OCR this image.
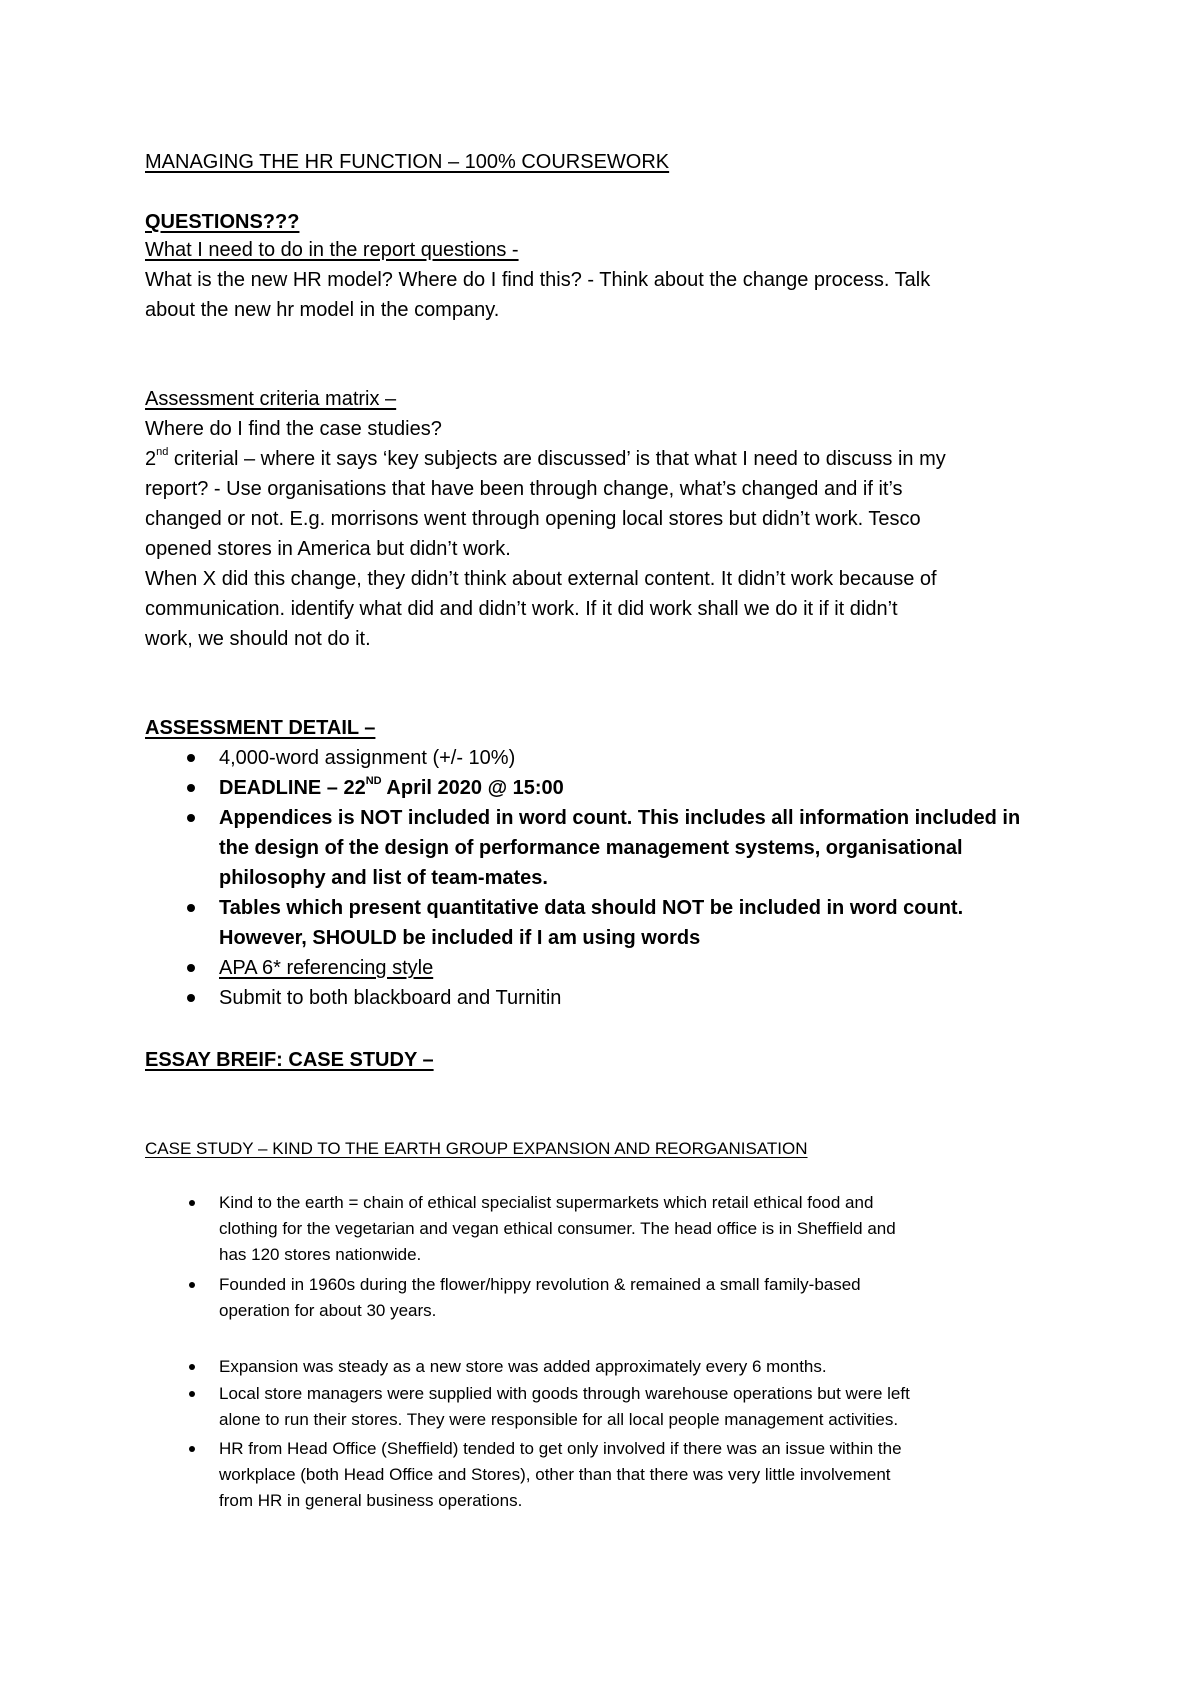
MANAGING THE HR FUNCTION – 100% COURSEWORK
QUESTIONS???
What I need to do in the report questions -
What is the new HR model? Where do I find this? - Think about the change process. Talk
about the new hr model in the company.
Assessment criteria matrix –
Where do I find the case studies?
2nd criterial – where it says ‘key subjects are discussed’ is that what I need to discuss in my
report? - Use organisations that have been through change, what’s changed and if it’s
changed or not. E.g. morrisons went through opening local stores but didn’t work. Tesco
opened stores in America but didn’t work.
When X did this change, they didn’t think about external content. It didn’t work because of
communication. identify what did and didn’t work. If it did work shall we do it if it didn’t
work, we should not do it.
ASSESSMENT DETAIL –
4,000-word assignment (+/- 10%)
DEADLINE – 22ND April 2020 @ 15:00
Appendices is NOT included in word count. This includes all information included in
the design of the design of performance management systems, organisational
philosophy and list of team-mates.
Tables which present quantitative data should NOT be included in word count.
However, SHOULD be included if I am using words
APA 6* referencing style
Submit to both blackboard and Turnitin
ESSAY BREIF: CASE STUDY –
CASE STUDY – KIND TO THE EARTH GROUP EXPANSION AND REORGANISATION
Kind to the earth = chain of ethical specialist supermarkets which retail ethical food and
clothing for the vegetarian and vegan ethical consumer. The head office is in Sheffield and
has 120 stores nationwide.
Founded in 1960s during the flower/hippy revolution & remained a small family-based
operation for about 30 years.
Expansion was steady as a new store was added approximately every 6 months.
Local store managers were supplied with goods through warehouse operations but were left
alone to run their stores. They were responsible for all local people management activities.
HR from Head Office (Sheffield) tended to get only involved if there was an issue within the
workplace (both Head Office and Stores), other than that there was very little involvement
from HR in general business operations.
